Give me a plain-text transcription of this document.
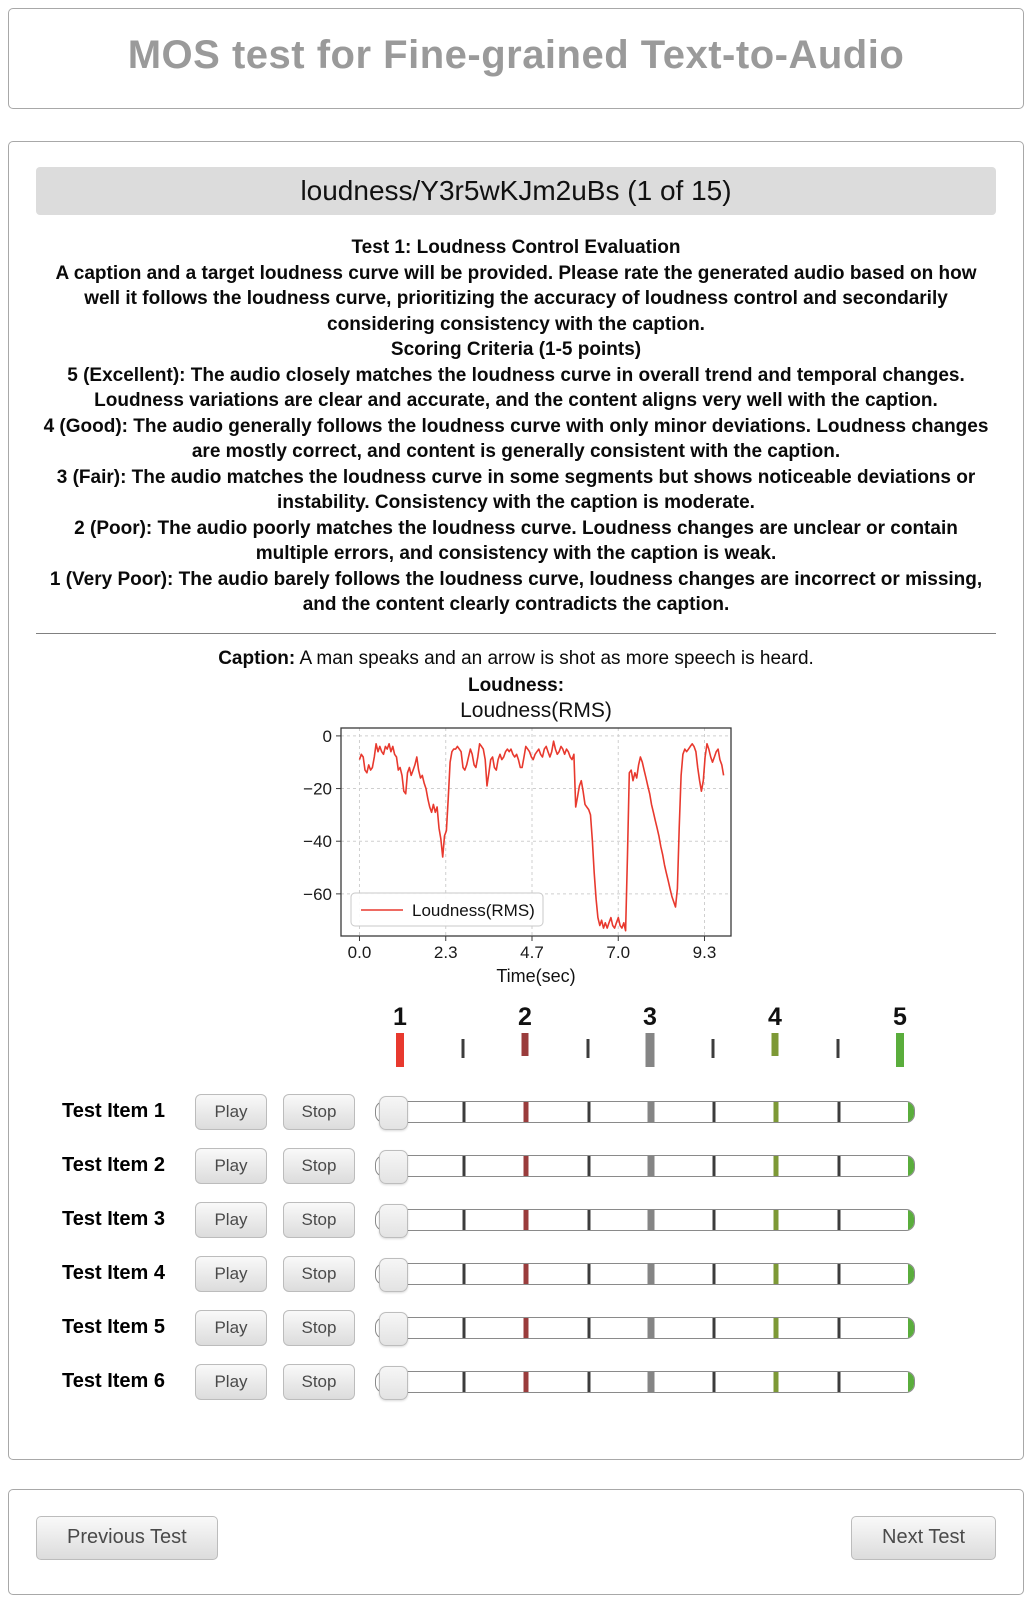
MOS test for Fine-grained Text-to-Audio
loudness/Y3r5wKJm2uBs (1 of 15)
Test 1: Loudness Control Evaluation
A caption and a target loudness curve will be provided. Please rate the generated audio based on how well it follows the loudness curve, prioritizing the accuracy of loudness control and secondarily considering consistency with the caption.
Scoring Criteria (1-5 points)
5 (Excellent): The audio closely matches the loudness curve in overall trend and temporal changes. Loudness variations are clear and accurate, and the content aligns very well with the caption.
4 (Good): The audio generally follows the loudness curve with only minor deviations. Loudness changes are mostly correct, and content is generally consistent with the caption.
3 (Fair): The audio matches the loudness curve in some segments but shows noticeable deviations or instability. Consistency with the caption is moderate.
2 (Poor): The audio poorly matches the loudness curve. Loudness changes are unclear or contain multiple errors, and consistency with the caption is weak.
1 (Very Poor): The audio barely follows the loudness curve, loudness changes are incorrect or missing, and the content clearly contradicts the caption.
Caption: A man speaks and an arrow is shot as more speech is heard.
Loudness:
0.0	2.3	4.7	7.0	9.3
0
−20
−40
−60
Loudness(RMS)
Time(sec)
Loudness(RMS)
1	2	3	4	5
Test Item 1	Play	Stop
Test Item 2	Play	Stop
Test Item 3	Play	Stop
Test Item 4	Play	Stop
Test Item 5	Play	Stop
Test Item 6	Play	Stop
Previous Test	Next Test
